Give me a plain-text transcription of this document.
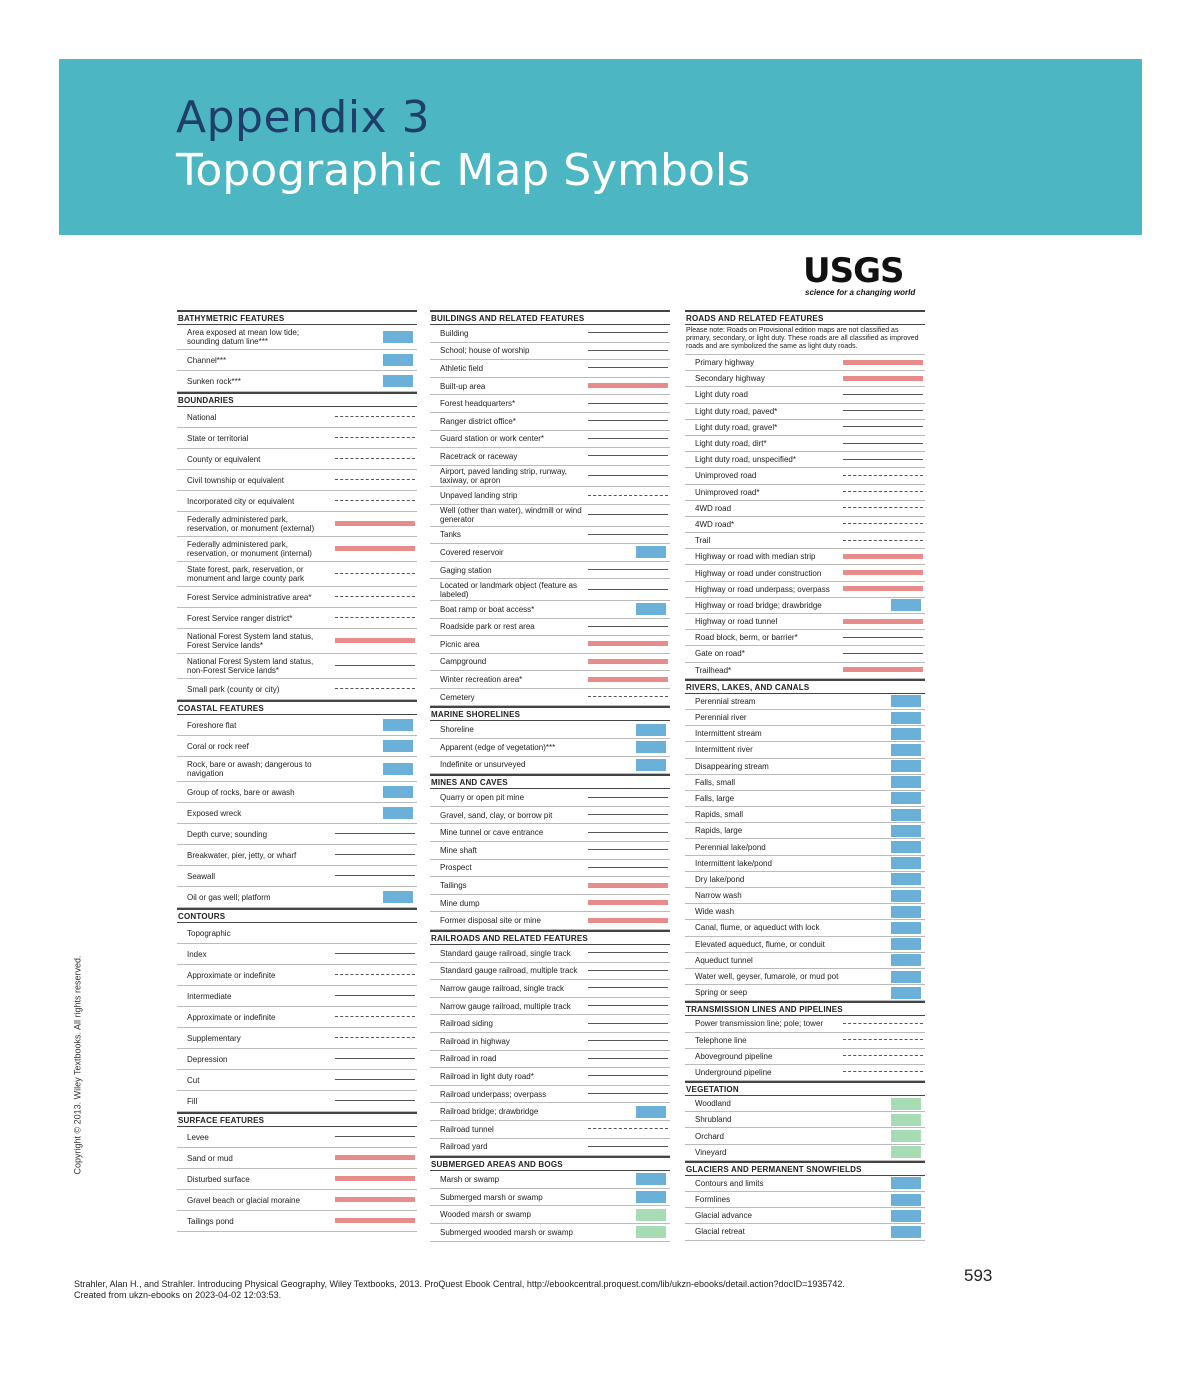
Appendix 3
Topographic Map Symbols
USGS
science for a changing world
BATHYMETRIC FEATURES
Area exposed at mean low tide; sounding datum line***
Channel***
Sunken rock***
BOUNDARIES
National
State or territorial
County or equivalent
Civil township or equivalent
Incorporated city or equivalent
Federally administered park, reservation, or monument (external)
Federally administered park, reservation, or monument (internal)
State forest, park, reservation, or monument and large county park
Forest Service administrative area*
Forest Service ranger district*
National Forest System land status, Forest Service lands*
National Forest System land status, non-Forest Service lands*
Small park (county or city)
COASTAL FEATURES
Foreshore flat
Coral or rock reef
Rock, bare or awash; dangerous to navigation
Group of rocks, bare or awash
Exposed wreck
Depth curve; sounding
Breakwater, pier, jetty, or wharf
Seawall
Oil or gas well; platform
CONTOURS
Topographic
Index
Approximate or indefinite
Intermediate
Approximate or indefinite
Supplementary
Depression
Cut
Fill
SURFACE FEATURES
Levee
Sand or mud
Disturbed surface
Gravel beach or glacial moraine
Tailings pond
BUILDINGS AND RELATED FEATURES
Building
School; house of worship
Athletic field
Built-up area
Forest headquarters*
Ranger district office*
Guard station or work center*
Racetrack or raceway
Airport, paved landing strip, runway, taxiway, or apron
Unpaved landing strip
Well (other than water), windmill or wind generator
Tanks
Covered reservoir
Gaging station
Located or landmark object (feature as labeled)
Boat ramp or boat access*
Roadside park or rest area
Picnic area
Campground
Winter recreation area*
Cemetery
MARINE SHORELINES
Shoreline
Apparent (edge of vegetation)***
Indefinite or unsurveyed
MINES AND CAVES
Quarry or open pit mine
Gravel, sand, clay, or borrow pit
Mine tunnel or cave entrance
Mine shaft
Prospect
Tailings
Mine dump
Former disposal site or mine
RAILROADS AND RELATED FEATURES
Standard gauge railroad, single track
Standard gauge railroad, multiple track
Narrow gauge railroad, single track
Narrow gauge railroad, multiple track
Railroad siding
Railroad in highway
Railroad in road
Railroad in light duty road*
Railroad underpass; overpass
Railroad bridge; drawbridge
Railroad tunnel
Railroad yard
SUBMERGED AREAS AND BOGS
Marsh or swamp
Submerged marsh or swamp
Wooded marsh or swamp
Submerged wooded marsh or swamp
ROADS AND RELATED FEATURES
Please note: Roads on Provisional edition maps are not classified as primary, secondary, or light duty. These roads are all classified as improved roads and are symbolized the same as light duty roads.
Primary highway
Secondary highway
Light duty road
Light duty road, paved*
Light duty road, gravel*
Light duty road, dirt*
Light duty road, unspecified*
Unimproved road
Unimproved road*
4WD road
4WD road*
Trail
Highway or road with median strip
Highway or road under construction
Highway or road underpass; overpass
Highway or road bridge; drawbridge
Highway or road tunnel
Road block, berm, or barrier*
Gate on road*
Trailhead*
RIVERS, LAKES, AND CANALS
Perennial stream
Perennial river
Intermittent stream
Intermittent river
Disappearing stream
Falls, small
Falls, large
Rapids, small
Rapids, large
Perennial lake/pond
Intermittent lake/pond
Dry lake/pond
Narrow wash
Wide wash
Canal, flume, or aqueduct with lock
Elevated aqueduct, flume, or conduit
Aqueduct tunnel
Water well, geyser, fumarole, or mud pot
Spring or seep
TRANSMISSION LINES AND PIPELINES
Power transmission line; pole; tower
Telephone line
Aboveground pipeline
Underground pipeline
VEGETATION
Woodland
Shrubland
Orchard
Vineyard
GLACIERS AND PERMANENT SNOWFIELDS
Contours and limits
Formlines
Glacial advance
Glacial retreat
Copyright © 2013. Wiley Textbooks. All rights reserved.
593
Strahler, Alan H., and Strahler. Introducing Physical Geography, Wiley Textbooks, 2013. ProQuest Ebook Central, http://ebookcentral.proquest.com/lib/ukzn-ebooks/detail.action?docID=1935742.
Created from ukzn-ebooks on 2023-04-02 12:03:53.
